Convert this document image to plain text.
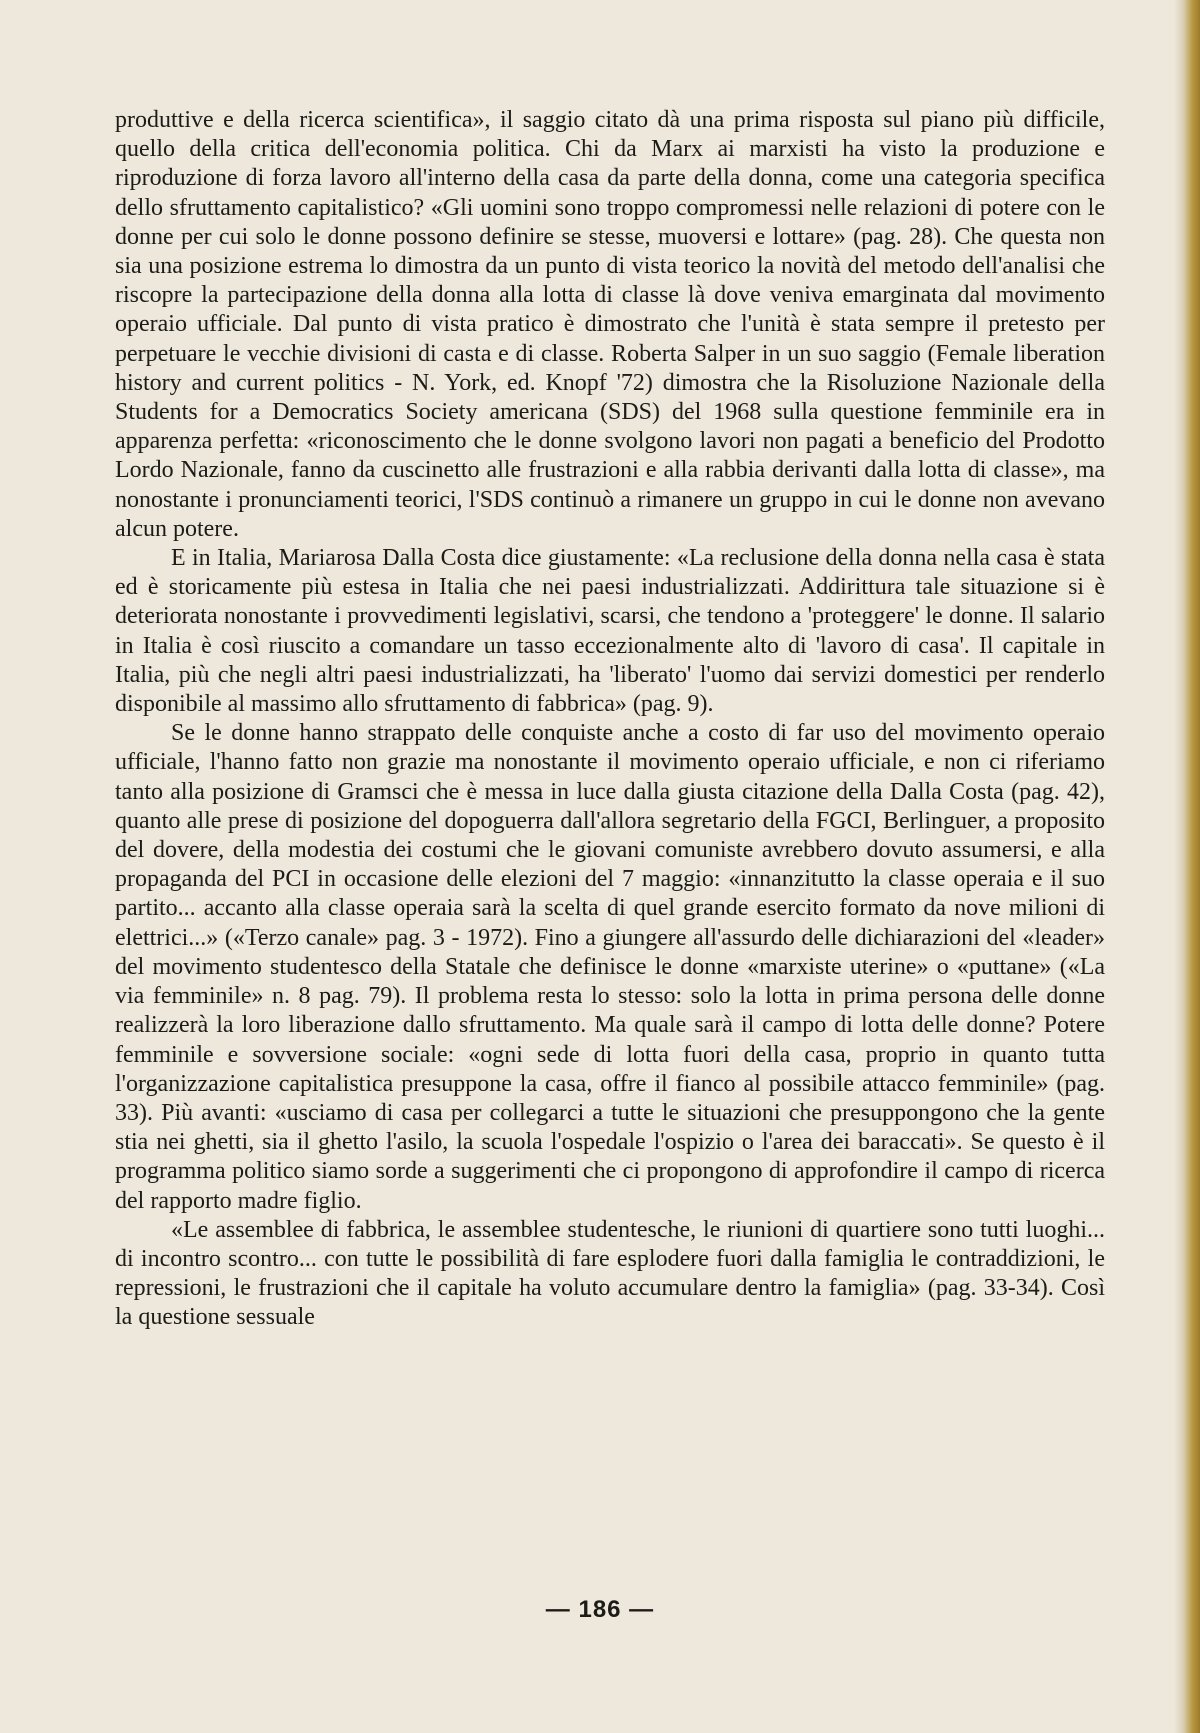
produttive e della ricerca scientifica», il saggio citato dà una prima risposta sul piano più difficile, quello della critica dell'economia politica. Chi da Marx ai marxisti ha visto la produzione e riproduzione di forza lavoro all'interno della casa da parte della donna, come una categoria specifica dello sfruttamento capitalistico? «Gli uomini sono troppo compromessi nelle relazioni di potere con le donne per cui solo le donne possono definire se stesse, muoversi e lottare» (pag. 28). Che questa non sia una posizione estrema lo dimostra da un punto di vista teorico la novità del metodo dell'analisi che riscopre la partecipazione della donna alla lotta di classe là dove veniva emarginata dal movimento operaio ufficiale. Dal punto di vista pratico è dimostrato che l'unità è stata sempre il pretesto per perpetuare le vecchie divisioni di casta e di classe. Roberta Salper in un suo saggio (Female liberation history and current politics - N. York, ed. Knopf '72) dimostra che la Risoluzione Nazionale della Students for a Democratics Society americana (SDS) del 1968 sulla questione femminile era in apparenza perfetta: «riconoscimento che le donne svolgono lavori non pagati a beneficio del Prodotto Lordo Nazionale, fanno da cuscinetto alle frustrazioni e alla rabbia derivanti dalla lotta di classe», ma nonostante i pronunciamenti teorici, l'SDS continuò a rimanere un gruppo in cui le donne non avevano alcun potere.

E in Italia, Mariarosa Dalla Costa dice giustamente: «La reclusione della donna nella casa è stata ed è storicamente più estesa in Italia che nei paesi industrializzati. Addirittura tale situazione si è deteriorata nonostante i provvedimenti legislativi, scarsi, che tendono a 'proteggere' le donne. Il salario in Italia è così riuscito a comandare un tasso eccezionalmente alto di 'lavoro di casa'. Il capitale in Italia, più che negli altri paesi industrializzati, ha 'liberato' l'uomo dai servizi domestici per renderlo disponibile al massimo allo sfruttamento di fabbrica» (pag. 9).

Se le donne hanno strappato delle conquiste anche a costo di far uso del movimento operaio ufficiale, l'hanno fatto non grazie ma nonostante il movimento operaio ufficiale, e non ci riferiamo tanto alla posizione di Gramsci che è messa in luce dalla giusta citazione della Dalla Costa (pag. 42), quanto alle prese di posizione del dopoguerra dall'allora segretario della FGCI, Berlinguer, a proposito del dovere, della modestia dei costumi che le giovani comuniste avrebbero dovuto assumersi, e alla propaganda del PCI in occasione delle elezioni del 7 maggio: «innanzitutto la classe operaia e il suo partito... accanto alla classe operaia sarà la scelta di quel grande esercito formato da nove milioni di elettrici...» («Terzo canale» pag. 3 - 1972). Fino a giungere all'assurdo delle dichiarazioni del «leader» del movimento studentesco della Statale che definisce le donne «marxiste uterine» o «puttane» («La via femminile» n. 8 pag. 79). Il problema resta lo stesso: solo la lotta in prima persona delle donne realizzerà la loro liberazione dallo sfruttamento. Ma quale sarà il campo di lotta delle donne? Potere femminile e sovversione sociale: «ogni sede di lotta fuori della casa, proprio in quanto tutta l'organizzazione capitalistica presuppone la casa, offre il fianco al possibile attacco femminile» (pag. 33). Più avanti: «usciamo di casa per collegarci a tutte le situazioni che presuppongono che la gente stia nei ghetti, sia il ghetto l'asilo, la scuola l'ospedale l'ospizio o l'area dei baraccati». Se questo è il programma politico siamo sorde a suggerimenti che ci propongono di approfondire il campo di ricerca del rapporto madre figlio.

«Le assemblee di fabbrica, le assemblee studentesche, le riunioni di quartiere sono tutti luoghi... di incontro scontro... con tutte le possibilità di fare esplodere fuori dalla famiglia le contraddizioni, le repressioni, le frustrazioni che il capitale ha voluto accumulare dentro la famiglia» (pag. 33-34). Così la questione sessuale

— 186 —
